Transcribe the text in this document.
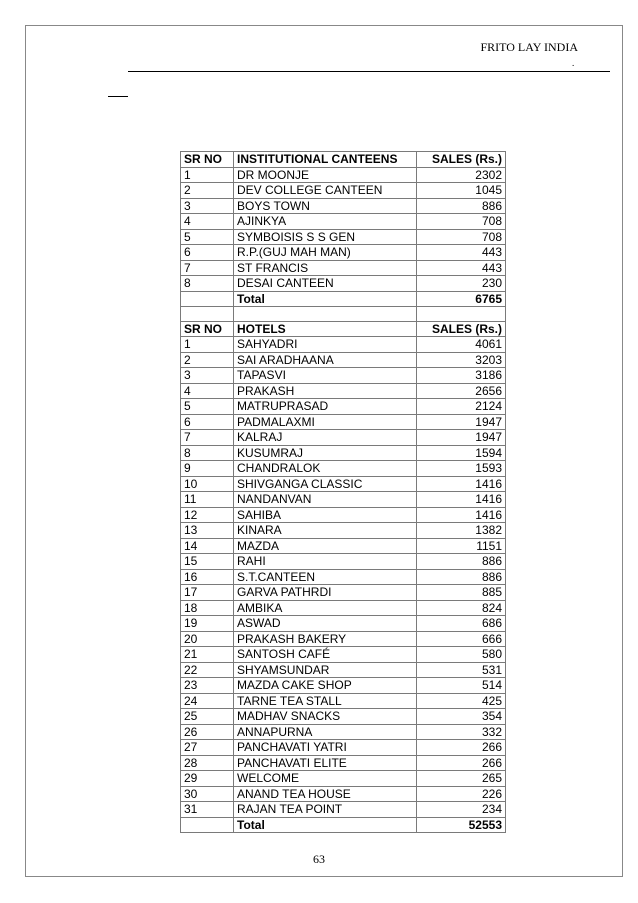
FRITO LAY INDIA
.
SR NO	INSTITUTIONAL CANTEENS	SALES (Rs.)
1	DR MOONJE	2302
2	DEV COLLEGE CANTEEN	1045
3	BOYS TOWN	886
4	AJINKYA	708
5	SYMBOISIS S S GEN	708
6	R.P.(GUJ MAH MAN)	443
7	ST FRANCIS	443
8	DESAI CANTEEN	230
	Total	6765

SR NO	HOTELS	SALES (Rs.)
1	SAHYADRI	4061
2	SAI ARADHAANA	3203
3	TAPASVI	3186
4	PRAKASH	2656
5	MATRUPRASAD	2124
6	PADMALAXMI	1947
7	KALRAJ	1947
8	KUSUMRAJ	1594
9	CHANDRALOK	1593
10	SHIVGANGA CLASSIC	1416
11	NANDANVAN	1416
12	SAHIBA	1416
13	KINARA	1382
14	MAZDA	1151
15	RAHI	886
16	S.T.CANTEEN	886
17	GARVA PATHRDI	885
18	AMBIKA	824
19	ASWAD	686
20	PRAKASH BAKERY	666
21	SANTOSH CAFÉ	580
22	SHYAMSUNDAR	531
23	MAZDA CAKE SHOP	514
24	TARNE TEA STALL	425
25	MADHAV SNACKS	354
26	ANNAPURNA	332
27	PANCHAVATI YATRI	266
28	PANCHAVATI ELITE	266
29	WELCOME	265
30	ANAND TEA HOUSE	226
31	RAJAN TEA POINT	234
	Total	52553
63
